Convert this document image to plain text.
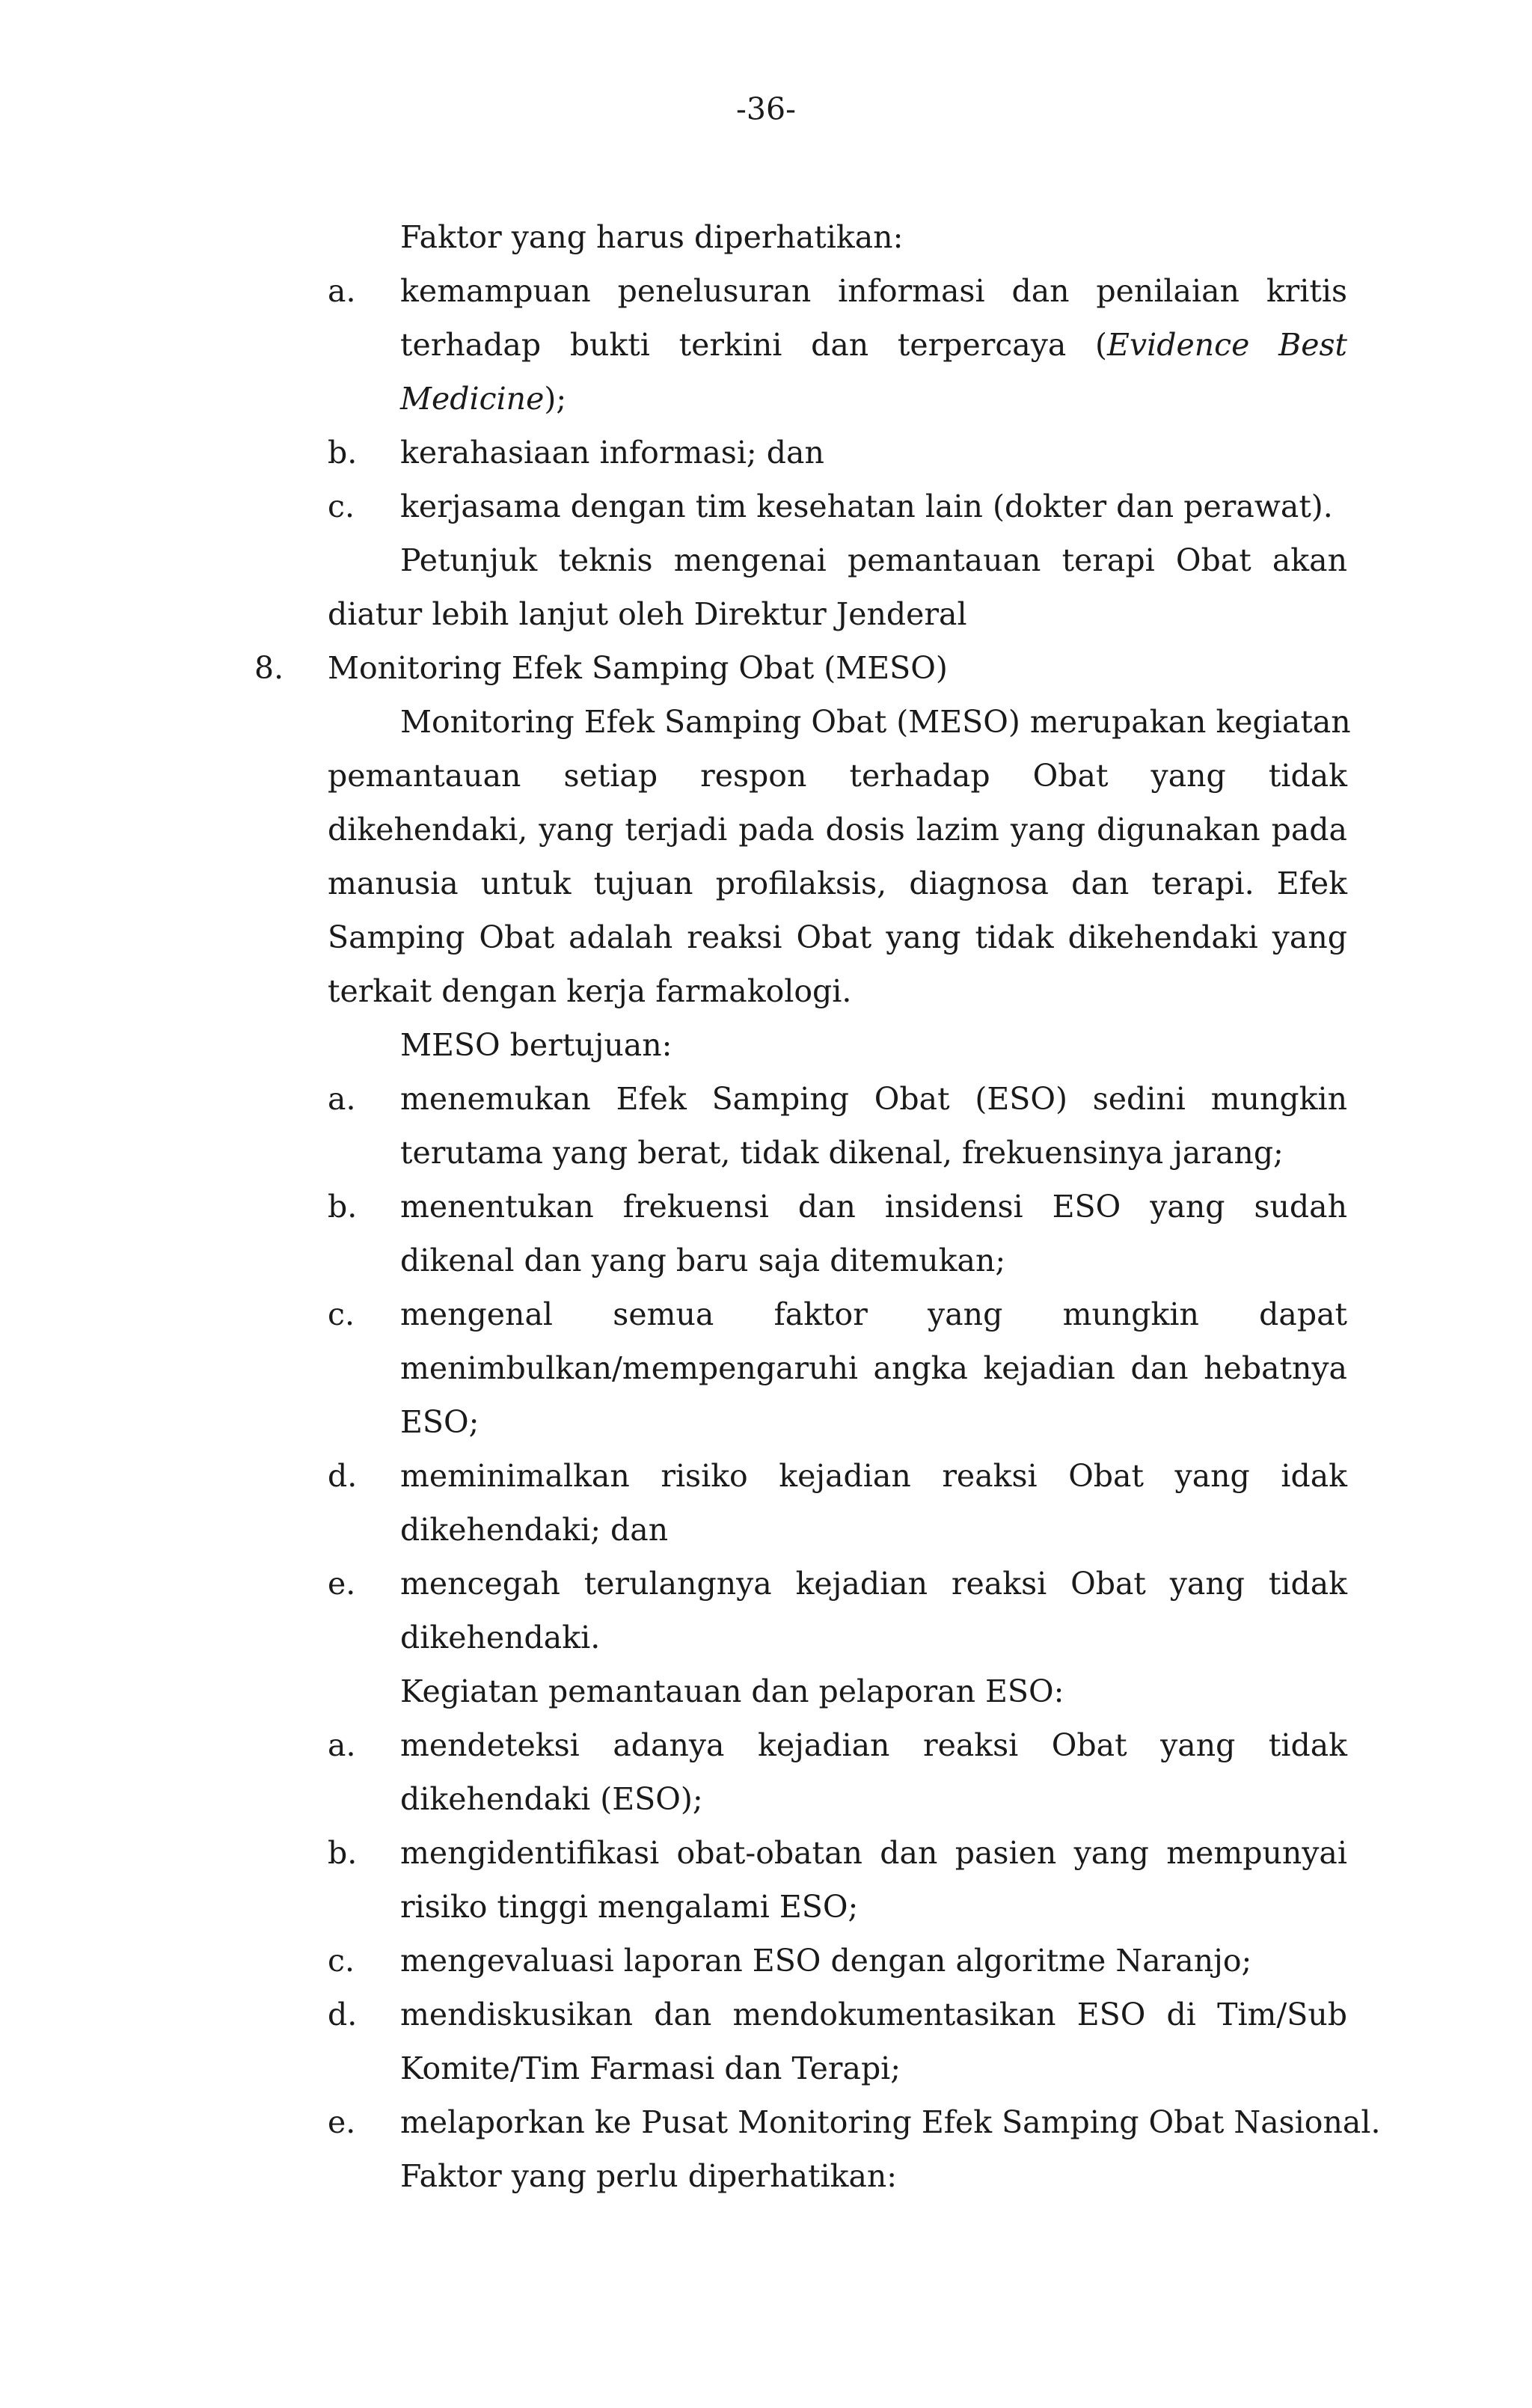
-36-
Faktor yang harus diperhatikan:
a. kemampuan penelusuran informasi dan penilaian kritis
terhadap bukti terkini dan terpercaya (Evidence Best
Medicine);
b. kerahasiaan informasi; dan
c. kerjasama dengan tim kesehatan lain (dokter dan perawat).
Petunjuk teknis mengenai pemantauan terapi Obat akan
diatur lebih lanjut oleh Direktur Jenderal
8. Monitoring Efek Samping Obat (MESO)
Monitoring Efek Samping Obat (MESO) merupakan kegiatan
pemantauan setiap respon terhadap Obat yang tidak
dikehendaki, yang terjadi pada dosis lazim yang digunakan pada
manusia untuk tujuan profilaksis, diagnosa dan terapi. Efek
Samping Obat adalah reaksi Obat yang tidak dikehendaki yang
terkait dengan kerja farmakologi.
MESO bertujuan:
a. menemukan Efek Samping Obat (ESO) sedini mungkin
terutama yang berat, tidak dikenal, frekuensinya jarang;
b. menentukan frekuensi dan insidensi ESO yang sudah
dikenal dan yang baru saja ditemukan;
c. mengenal semua faktor yang mungkin dapat
menimbulkan/mempengaruhi angka kejadian dan hebatnya
ESO;
d. meminimalkan risiko kejadian reaksi Obat yang idak
dikehendaki; dan
e. mencegah terulangnya kejadian reaksi Obat yang tidak
dikehendaki.
Kegiatan pemantauan dan pelaporan ESO:
a. mendeteksi adanya kejadian reaksi Obat yang tidak
dikehendaki (ESO);
b. mengidentifikasi obat-obatan dan pasien yang mempunyai
risiko tinggi mengalami ESO;
c. mengevaluasi laporan ESO dengan algoritme Naranjo;
d. mendiskusikan dan mendokumentasikan ESO di Tim/Sub
Komite/Tim Farmasi dan Terapi;
e. melaporkan ke Pusat Monitoring Efek Samping Obat Nasional.
Faktor yang perlu diperhatikan:
